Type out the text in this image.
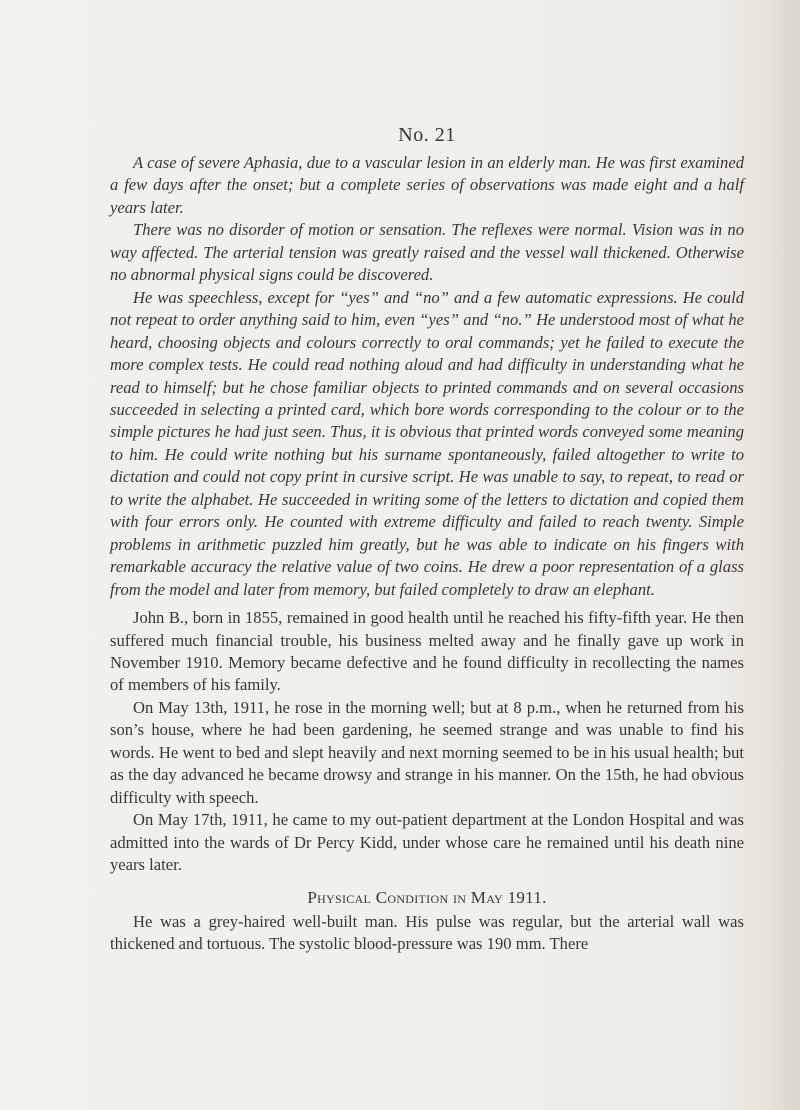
No. 21

A case of severe Aphasia, due to a vascular lesion in an elderly man. He was first examined a few days after the onset; but a complete series of observations was made eight and a half years later.

There was no disorder of motion or sensation. The reflexes were normal. Vision was in no way affected. The arterial tension was greatly raised and the vessel wall thickened. Otherwise no abnormal physical signs could be discovered.

He was speechless, except for “yes” and “no” and a few automatic expressions. He could not repeat to order anything said to him, even “yes” and “no.” He understood most of what he heard, choosing objects and colours correctly to oral commands; yet he failed to execute the more complex tests. He could read nothing aloud and had difficulty in understanding what he read to himself; but he chose familiar objects to printed commands and on several occasions succeeded in selecting a printed card, which bore words corresponding to the colour or to the simple pictures he had just seen. Thus, it is obvious that printed words conveyed some meaning to him. He could write nothing but his surname spontaneously, failed altogether to write to dictation and could not copy print in cursive script. He was unable to say, to repeat, to read or to write the alphabet. He succeeded in writing some of the letters to dictation and copied them with four errors only. He counted with extreme difficulty and failed to reach twenty. Simple problems in arithmetic puzzled him greatly, but he was able to indicate on his fingers with remarkable accuracy the relative value of two coins. He drew a poor representation of a glass from the model and later from memory, but failed completely to draw an elephant.

John B., born in 1855, remained in good health until he reached his fifty-fifth year. He then suffered much financial trouble, his business melted away and he finally gave up work in November 1910. Memory became defective and he found difficulty in recollecting the names of members of his family.

On May 13th, 1911, he rose in the morning well; but at 8 p.m., when he returned from his son’s house, where he had been gardening, he seemed strange and was unable to find his words. He went to bed and slept heavily and next morning seemed to be in his usual health; but as the day advanced he became drowsy and strange in his manner. On the 15th, he had obvious difficulty with speech.

On May 17th, 1911, he came to my out-patient department at the London Hospital and was admitted into the wards of Dr Percy Kidd, under whose care he remained until his death nine years later.

Physical Condition in May 1911.

He was a grey-haired well-built man. His pulse was regular, but the arterial wall was thickened and tortuous. The systolic blood-pressure was 190 mm. There
